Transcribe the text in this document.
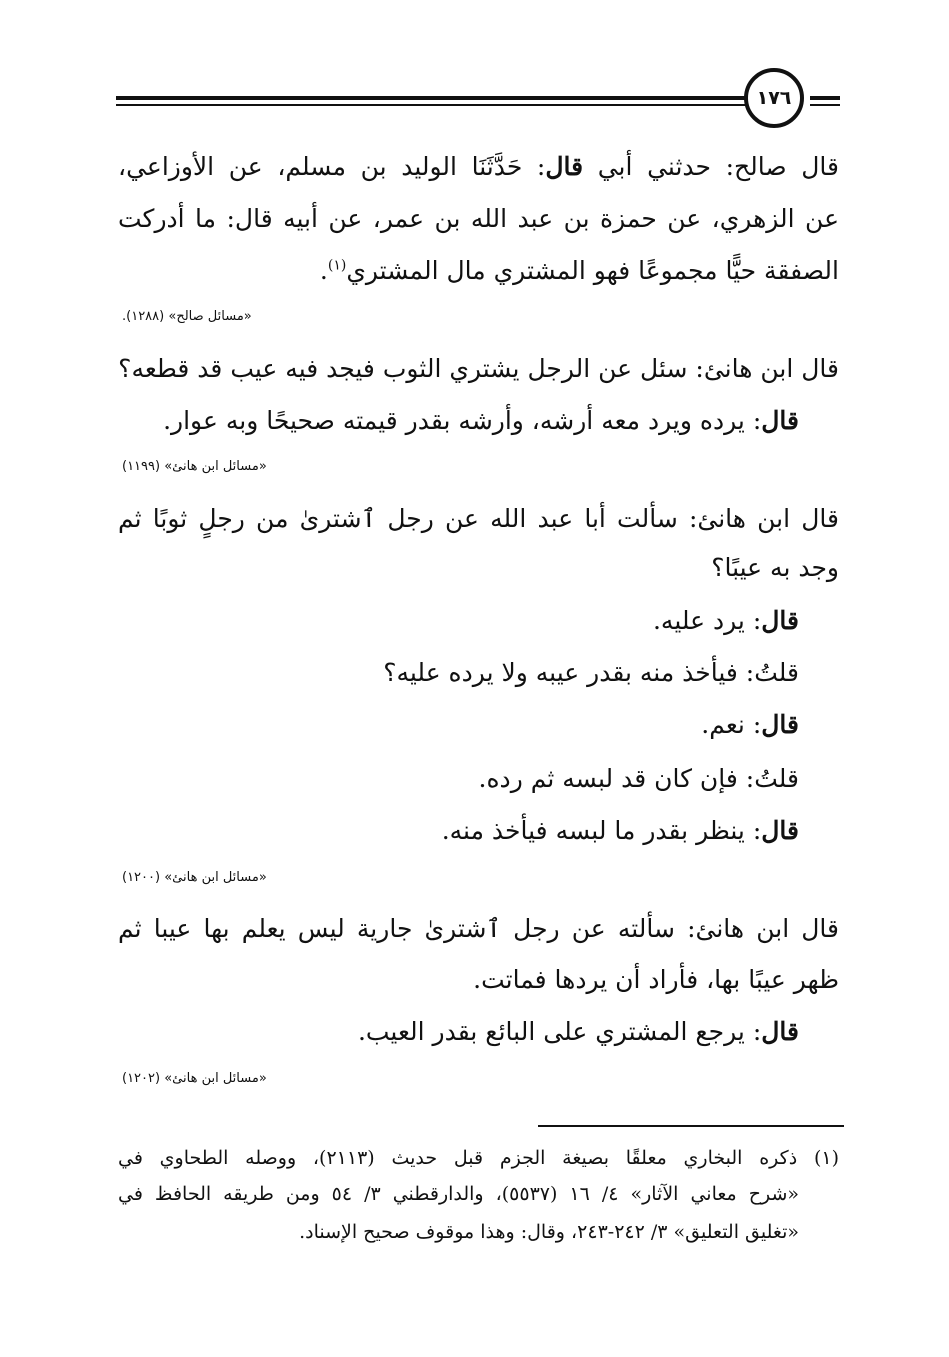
١٧٦
قال صالح: حدثني أبي قال: حَدَّثَنَا الوليد بن مسلم، عن الأوزاعي،
عن الزهري، عن حمزة بن عبد الله بن عمر، عن أبيه قال: ما أدركت
الصفقة حيًّا مجموعًا فهو المشتري مال المشتري$^{(١)}$.
«مسائل صالح» (١٢٨٨).
قال ابن هانئ: سئل عن الرجل يشتري الثوب فيجد فيه عيب قد قطعه؟
قال: يرده ويرد معه أرشه، وأرشه بقدر قيمته صحيحًا وبه عوار.
«مسائل ابن هانئ» (١١٩٩)
قال ابن هانئ: سألت أبا عبد الله عن رجل ٱشترىٰ من رجلٍ ثوبًا ثم
وجد به عيبًا؟
قال: يرد عليه.
قلتُ: فيأخذ منه بقدر عيبه ولا يرده عليه؟
قال: نعم.
قلتُ: فإن كان قد لبسه ثم رده.
قال: ينظر بقدر ما لبسه فيأخذ منه.
«مسائل ابن هانئ» (١٢٠٠)
قال ابن هانئ: سألته عن رجل ٱشترىٰ جارية ليس يعلم بها عيبا ثم
ظهر عيبًا بها، فأراد أن يردها فماتت.
قال: يرجع المشتري على البائع بقدر العيب.
«مسائل ابن هانئ» (١٢٠٢)
(١) ذكره البخاري معلقًا بصيغة الجزم قبل حديث (٢١١٣)، ووصله الطحاوي في
«شرح معاني الآثار» ٤/ ١٦ (٥٥٣٧)، والدارقطني ٣/ ٥٤ ومن طريقه الحافظ في
«تغليق التعليق» ٣/ ٢٤٢-٢٤٣، وقال: وهذا موقوف صحيح الإسناد.
